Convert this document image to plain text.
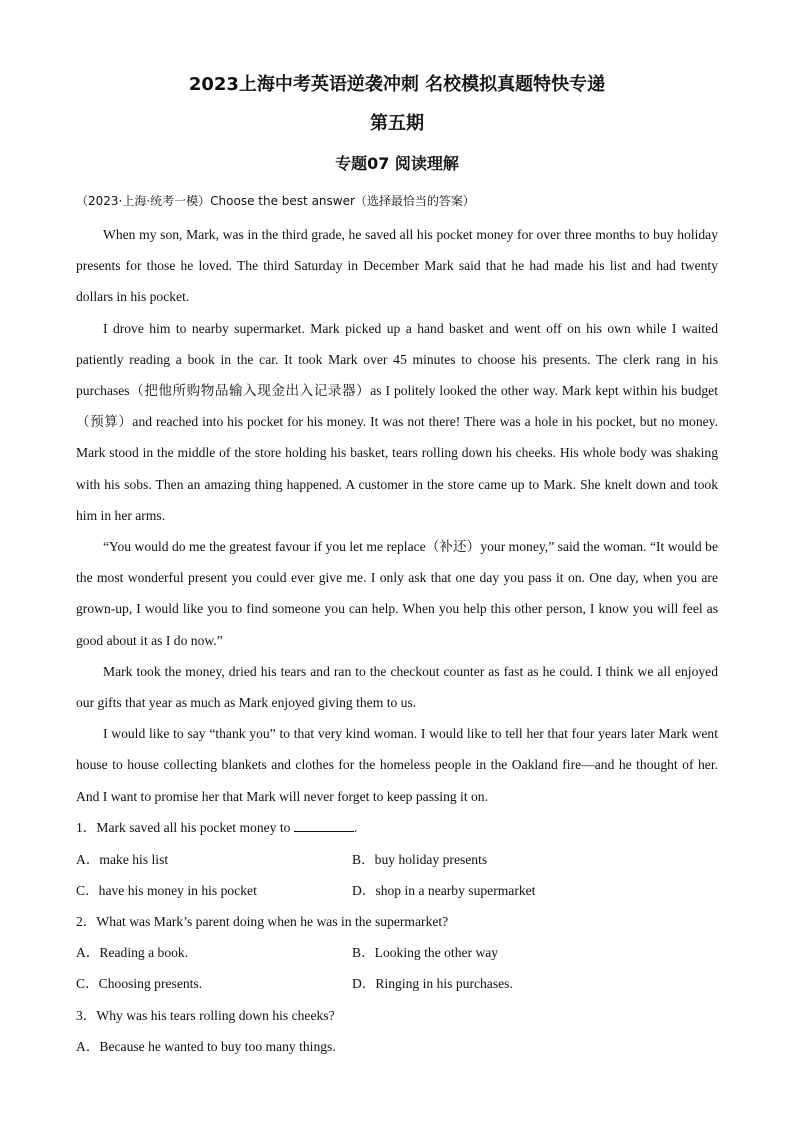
2023上海中考英语逆袭冲刺 名校模拟真题特快专递
第五期
专题07 阅读理解
（2023·上海·统考一模）Choose the best answer（选择最恰当的答案）

When my son, Mark, was in the third grade, he saved all his pocket money for over three months to buy holiday presents for those he loved. The third Saturday in December Mark said that he had made his list and had twenty dollars in his pocket.

I drove him to nearby supermarket. Mark picked up a hand basket and went off on his own while I waited patiently reading a book in the car. It took Mark over 45 minutes to choose his presents. The clerk rang in his purchases（把他所购物品输入现金出入记录器）as I politely looked the other way. Mark kept within his budget（预算）and reached into his pocket for his money. It was not there! There was a hole in his pocket, but no money. Mark stood in the middle of the store holding his basket, tears rolling down his cheeks. His whole body was shaking with his sobs. Then an amazing thing happened. A customer in the store came up to Mark. She knelt down and took him in her arms.

“You would do me the greatest favour if you let me replace（补还）your money,” said the woman. “It would be the most wonderful present you could ever give me. I only ask that one day you pass it on. One day, when you are grown-up, I would like you to find someone you can help. When you help this other person, I know you will feel as good about it as I do now.”

Mark took the money, dried his tears and ran to the checkout counter as fast as he could. I think we all enjoyed our gifts that year as much as Mark enjoyed giving them to us.

I would like to say “thank you” to that very kind woman. I would like to tell her that four years later Mark went house to house collecting blankets and clothes for the homeless people in the Oakland fire—and he thought of her. And I want to promise her that Mark will never forget to keep passing it on.

1．Mark saved all his pocket money to	.
A．make his list	B．buy holiday presents
C．have his money in his pocket	D．shop in a nearby supermarket
2．What was Mark’s parent doing when he was in the supermarket?
A．Reading a book.	B．Looking the other way
C．Choosing presents.	D．Ringing in his purchases.
3．Why was his tears rolling down his cheeks?
A．Because he wanted to buy too many things.
